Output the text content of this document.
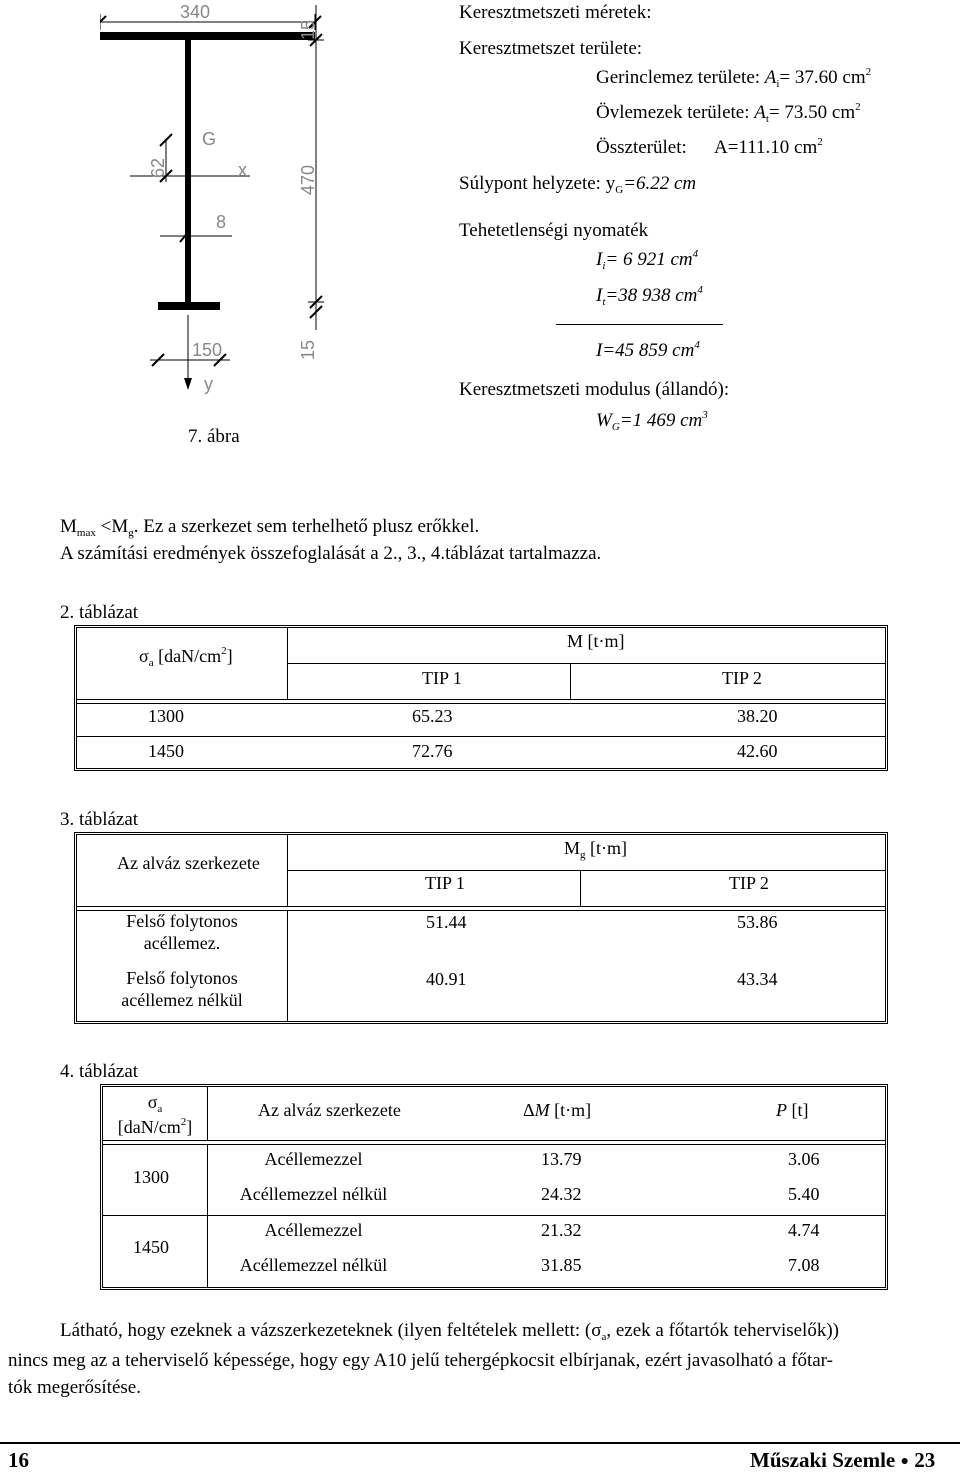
340
15
470
15
62
G
x
8
150
y
7. ábra
Keresztmetszeti méretek:
Keresztmetszet területe:
Gerinclemez területe: $A_i= 37.60$ $cm^2$
Övlemezek területe: $A_t= 73.50$ $cm^2$
Összterület: A=111.10 $cm^2$
Súlypont helyzete: $y_G=6.22$ cm
Tehetetlenségi nyomaték
$I_i= 6$ 921 $cm^4$
$I_t=38$ 938 $cm^4$
I=45 859 $cm^4$
Keresztmetszeti modulus (állandó):
$W_G=1$ 469 $cm^3$
$M_{max} <M_g$. Ez a szerkezet sem terhelhető plusz erőkkel.
A számítási eredmények összefoglalását a 2., 3., 4.táblázat tartalmazza.
2. táblázat
$\sigma_a$ $[daN/cm^2]$
M [t·m]
TIP 1	TIP 2
1300	65.23	38.20
1450	72.76	42.60
3. táblázat
Az alváz szerkezete
$M_g$ [t·m]
TIP 1	TIP 2
Felső folytonos
acéllemez.
51.44	53.86
Felső folytonos
acéllemez nélkül
40.91	43.34
4. táblázat
$\sigma_a$
$[daN/cm^2]$
Az alváz szerkezete	ΔM [t·m]	P [t]
1300
Acéllemezzel	13.79	3.06
Acéllemezzel nélkül	24.32	5.40
1450
Acéllemezzel	21.32	4.74
Acéllemezzel nélkül	31.85	7.08
Látható, hogy ezeknek a vázszerkezeteknek (ilyen feltételek mellett: ($\sigma_a$, ezek a főtartók teherviselők))
nincs meg az a teherviselő képessége, hogy egy A10 jelű tehergépkocsit elbírjanak, ezért javasolható a főtar-
tók megerősítése.
16	Műszaki Szemle ● 23
